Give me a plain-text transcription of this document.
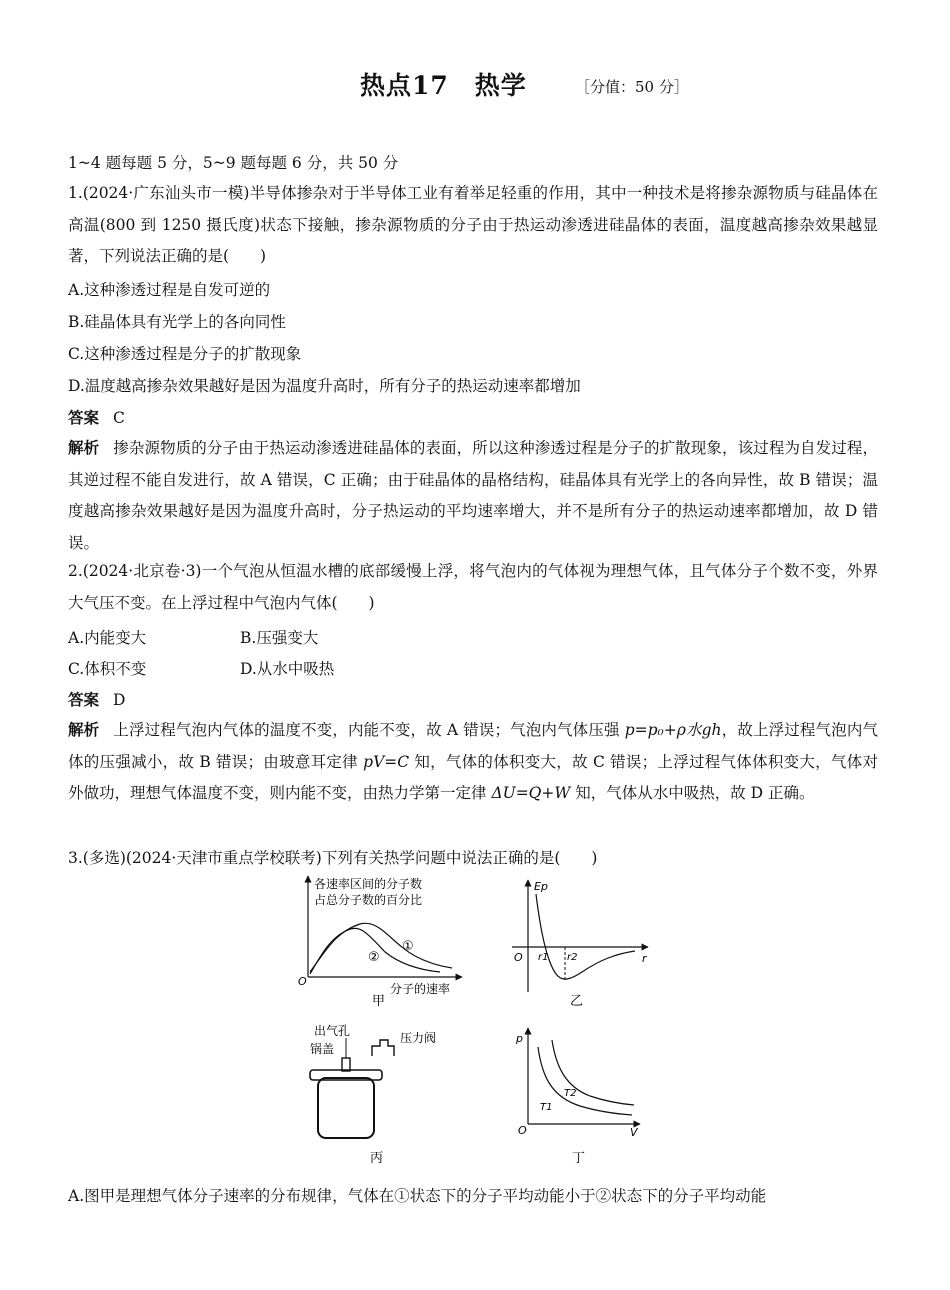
热点17　热学	［分值：50 分］
1~4 题每题 5 分，5~9 题每题 6 分，共 50 分
1.(2024·广东汕头市一模)半导体掺杂对于半导体工业有着举足轻重的作用，其中一种技术是将掺杂源物质与硅晶体在高温(800 到 1250 摄氏度)状态下接触，掺杂源物质的分子由于热运动渗透进硅晶体的表面，温度越高掺杂效果越显著，下列说法正确的是(　　)
A.这种渗透过程是自发可逆的
B.硅晶体具有光学上的各向同性
C.这种渗透过程是分子的扩散现象
D.温度越高掺杂效果越好是因为温度升高时，所有分子的热运动速率都增加
答案 C
解析 掺杂源物质的分子由于热运动渗透进硅晶体的表面，所以这种渗透过程是分子的扩散现象，该过程为自发过程，其逆过程不能自发进行，故 A 错误，C 正确；由于硅晶体的晶格结构，硅晶体具有光学上的各向异性，故 B 错误；温度越高掺杂效果越好是因为温度升高时，分子热运动的平均速率增大，并不是所有分子的热运动速率都增加，故 D 错误。
2.(2024·北京卷·3)一个气泡从恒温水槽的底部缓慢上浮，将气泡内的气体视为理想气体，且气体分子个数不变，外界大气压不变。在上浮过程中气泡内气体(　　)
A.内能变大	B.压强变大
C.体积不变	D.从水中吸热
答案 D
解析 上浮过程气泡内气体的温度不变，内能不变，故 A 错误；气泡内气体压强 p=p₀+ρ水gh，故上浮过程气泡内气体的压强减小，故 B 错误；由玻意耳定律 pV=C 知，气体的体积变大，故 C 错误；上浮过程气体体积变大，气体对外做功，理想气体温度不变，则内能不变，由热力学第一定律 ΔU=Q+W 知，气体从水中吸热，故 D 正确。
3.(多选)(2024·天津市重点学校联考)下列有关热学问题中说法正确的是(　　)
各速率区间的分子数
占总分子数的百分比
①
②
O
分子的速率
甲
Ep
O r1 r2	r
乙
出气孔
锅盖
压力阀
丙
p
T1
T2
O	V
丁
A.图甲是理想气体分子速率的分布规律，气体在①状态下的分子平均动能小于②状态下的分子平均动能
